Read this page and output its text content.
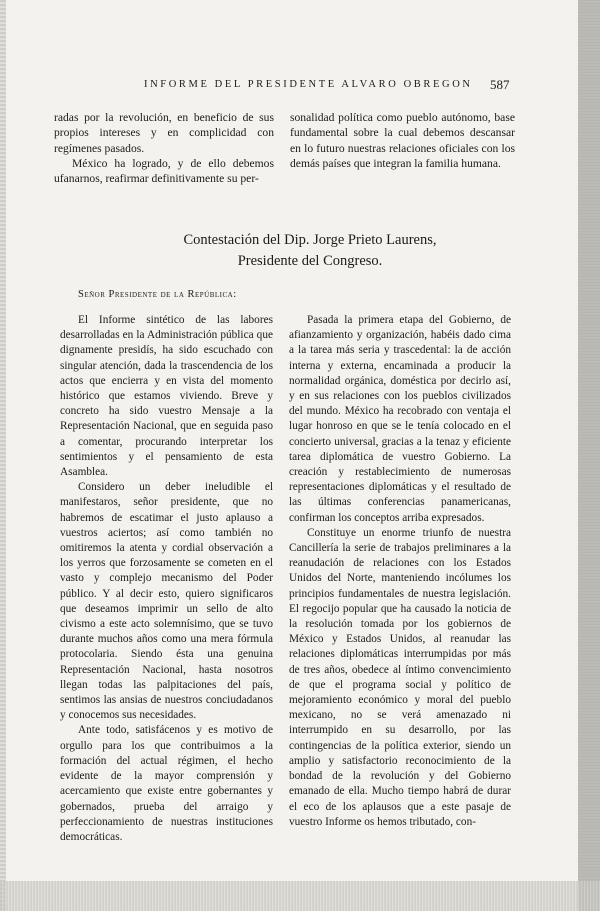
INFORME DEL PRESIDENTE ALVARO OBREGON	587

radas por la revolución, en beneficio de sus propios intereses y en complicidad con regímenes pasados.

México ha logrado, y de ello debemos ufanarnos, reafirmar definitivamente su per-

sonalidad política como pueblo autónomo, base fundamental sobre la cual debemos descansar en lo futuro nuestras relaciones oficiales con los demás países que integran la familia humana.

Contestación del Dip. Jorge Prieto Laurens,
Presidente del Congreso.
Señor Presidente de la República:

El Informe sintético de las labores desarrolladas en la Administración pública que dignamente presidís, ha sido escuchado con singular atención, dada la trascendencia de los actos que encierra y en vista del momento histórico que estamos viviendo. Breve y concreto ha sido vuestro Mensaje a la Representación Nacional, que en seguida paso a comentar, procurando interpretar los sentimientos y el pensamiento de esta Asamblea.

Considero un deber ineludible el manifestaros, señor presidente, que no habremos de escatimar el justo aplauso a vuestros aciertos; así como también no omitiremos la atenta y cordial observación a los yerros que forzosamente se cometen en el vasto y complejo mecanismo del Poder público. Y al decir esto, quiero significaros que deseamos imprimir un sello de alto civismo a este acto solemnísimo, que se tuvo durante muchos años como una mera fórmula protocolaria. Siendo ésta una genuina Representación Nacional, hasta nosotros llegan todas las palpitaciones del país, sentimos las ansias de nuestros conciudadanos y conocemos sus necesidades.

Ante todo, satisfácenos y es motivo de orgullo para los que contribuimos a la formación del actual régimen, el hecho evidente de la mayor comprensión y acercamiento que existe entre gobernantes y gobernados, prueba del arraigo y perfeccionamiento de nuestras instituciones democráticas.

Pasada la primera etapa del Gobierno, de afianzamiento y organización, habéis dado cima a la tarea más seria y trascedental: la de acción interna y externa, encaminada a producir la normalidad orgánica, doméstica por decirlo así, y en sus relaciones con los pueblos civilizados del mundo. México ha recobrado con ventaja el lugar honroso en que se le tenía colocado en el concierto universal, gracias a la tenaz y eficiente tarea diplomática de vuestro Gobierno. La creación y restablecimiento de numerosas representaciones diplomáticas y el resultado de las últimas conferencias panamericanas, confirman los conceptos arriba expresados.

Constituye un enorme triunfo de nuestra Cancillería la serie de trabajos preliminares a la reanudación de relaciones con los Estados Unidos del Norte, manteniendo incólumes los principios fundamentales de nuestra legislación. El regocijo popular que ha causado la noticia de la resolución tomada por los gobiernos de México y Estados Unidos, al reanudar las relaciones diplomáticas interrumpidas por más de tres años, obedece al íntimo convencimiento de que el programa social y político de mejoramiento económico y moral del pueblo mexicano, no se verá amenazado ni interrumpido en su desarrollo, por las contingencias de la política exterior, siendo un amplio y satisfactorio reconocimiento de la bondad de la revolución y del Gobierno emanado de ella. Mucho tiempo habrá de durar el eco de los aplausos que a este pasaje de vuestro Informe os hemos tributado, con-
